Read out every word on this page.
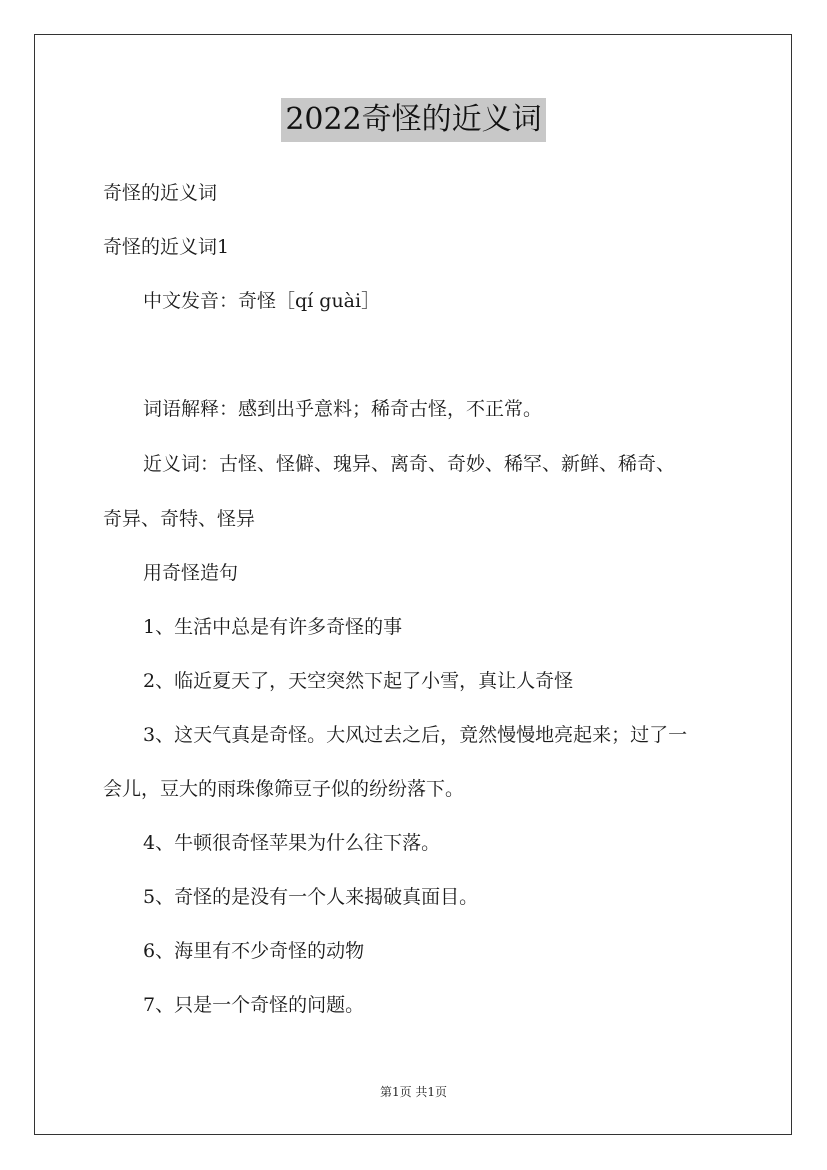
2022奇怪的近义词
奇怪的近义词
奇怪的近义词1
中文发音：奇怪［qí guài］
词语解释：感到出乎意料；稀奇古怪，不正常。
近义词：古怪、怪僻、瑰异、离奇、奇妙、稀罕、新鲜、稀奇、
奇异、奇特、怪异
用奇怪造句
1、生活中总是有许多奇怪的事
2、临近夏天了，天空突然下起了小雪，真让人奇怪
3、这天气真是奇怪。大风过去之后，竟然慢慢地亮起来；过了一
会儿，豆大的雨珠像筛豆子似的纷纷落下。
4、牛顿很奇怪苹果为什么往下落。
5、奇怪的是没有一个人来揭破真面目。
6、海里有不少奇怪的动物
7、只是一个奇怪的问题。
第1页 共1页
